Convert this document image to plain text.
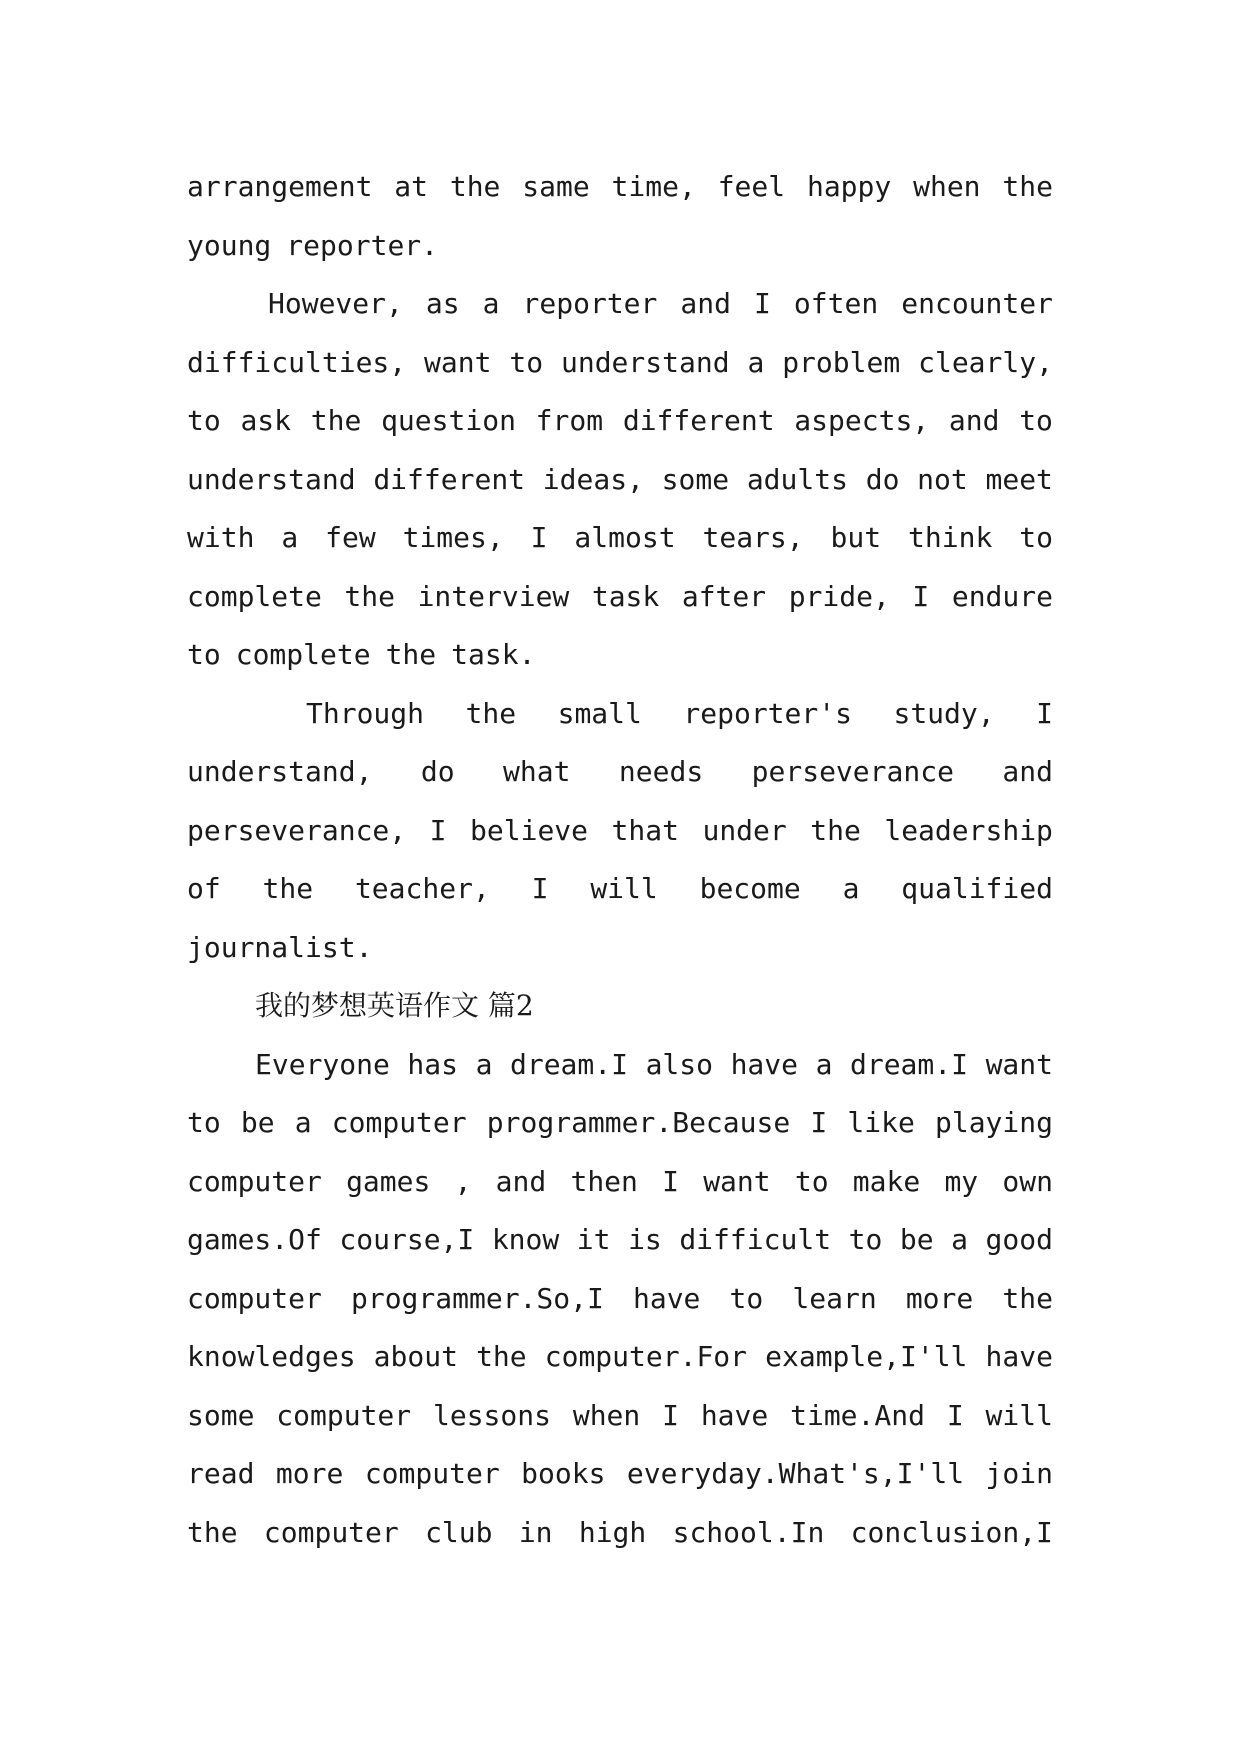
arrangement at the same time, feel happy when the
young reporter.
However, as a reporter and I often encounter
difficulties, want to understand a problem clearly,
to ask the question from different aspects, and to
understand different ideas, some adults do not meet
with a few times, I almost tears, but think to
complete the interview task after pride, I endure
to complete the task.
Through the small reporter's study, I
understand, do what needs perseverance and
perseverance, I believe that under the leadership
of the teacher, I will become a qualified
journalist.
我的梦想英语作文 篇2
Everyone has a dream.I also have a dream.I want
to be a computer programmer.Because I like playing
computer games , and then I want to make my own
games.Of course,I know it is difficult to be a good
computer programmer.So,I have to learn more the
knowledges about the computer.For example,I'll have
some computer lessons when I have time.And I will
read more computer books everyday.What's,I'll join
the computer club in high school.In conclusion,I
